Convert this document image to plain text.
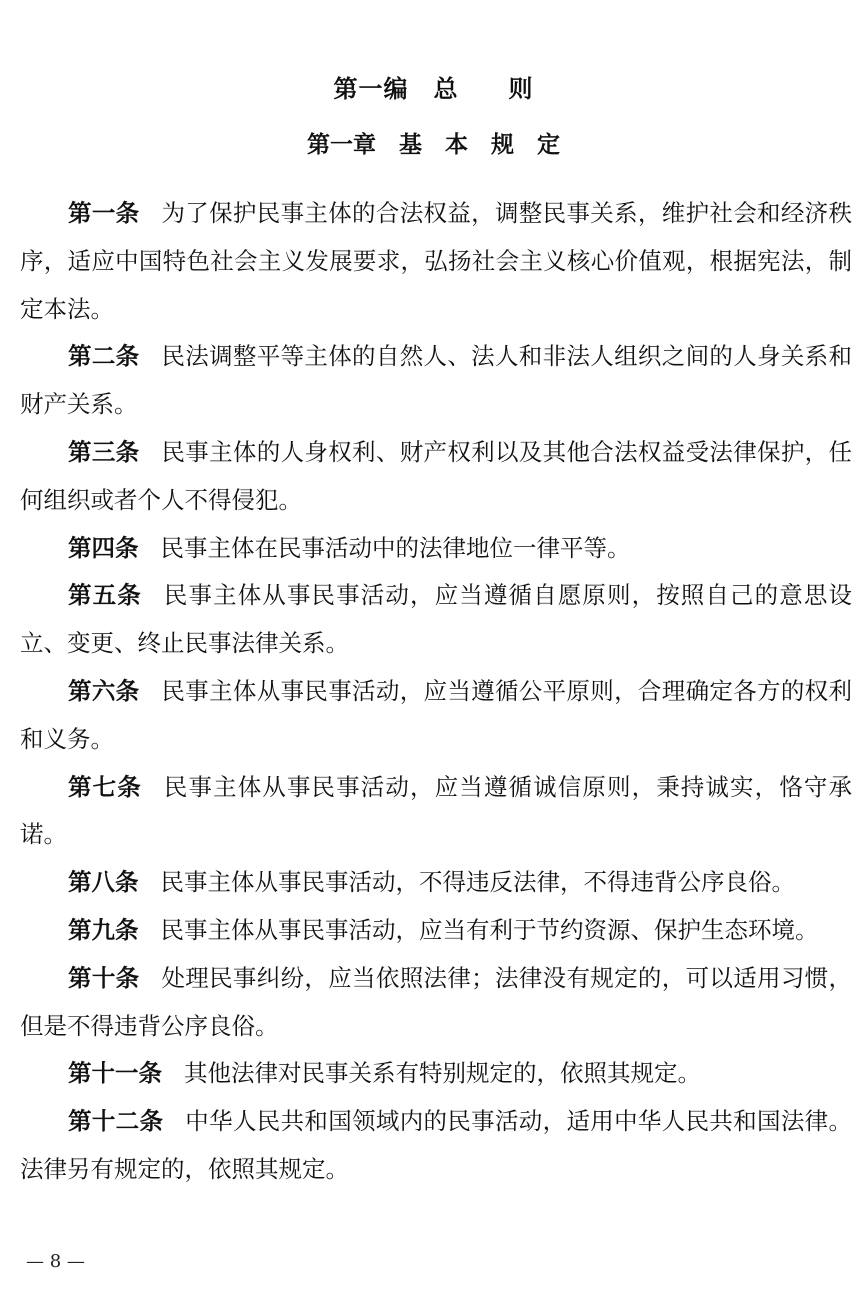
第一编　总　　则
第一章　基　本　规　定

第一条 为了保护民事主体的合法权益，调整民事关系，维护社会和经济秩序，适应中国特色社会主义发展要求，弘扬社会主义核心价值观，根据宪法，制定本法。

第二条 民法调整平等主体的自然人、法人和非法人组织之间的人身关系和财产关系。

第三条 民事主体的人身权利、财产权利以及其他合法权益受法律保护，任何组织或者个人不得侵犯。

第四条 民事主体在民事活动中的法律地位一律平等。

第五条 民事主体从事民事活动，应当遵循自愿原则，按照自己的意思设立、变更、终止民事法律关系。

第六条 民事主体从事民事活动，应当遵循公平原则，合理确定各方的权利和义务。

第七条 民事主体从事民事活动，应当遵循诚信原则，秉持诚实，恪守承诺。

第八条 民事主体从事民事活动，不得违反法律，不得违背公序良俗。

第九条 民事主体从事民事活动，应当有利于节约资源、保护生态环境。

第十条 处理民事纠纷，应当依照法律；法律没有规定的，可以适用习惯，但是不得违背公序良俗。

第十一条 其他法律对民事关系有特别规定的，依照其规定。

第十二条 中华人民共和国领域内的民事活动，适用中华人民共和国法律。法律另有规定的，依照其规定。

— 8 —
